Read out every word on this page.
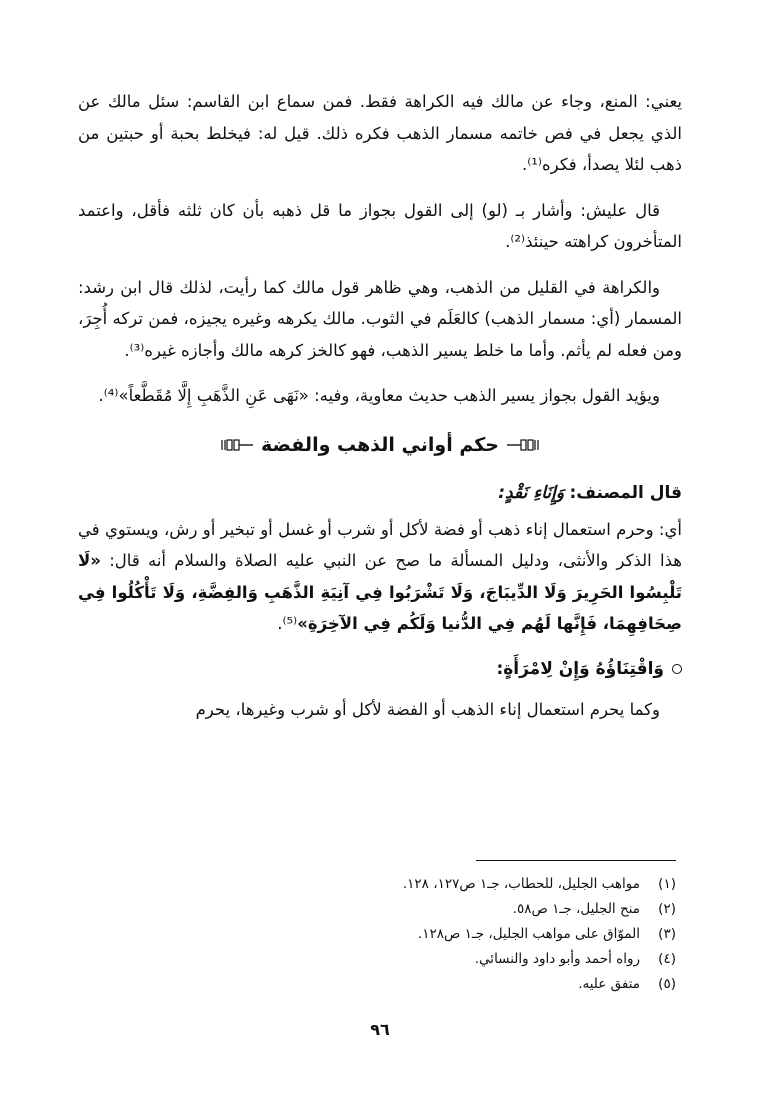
يعني: المنع، وجاء عن مالك فيه الكراهة فقط. فمن سماع ابن القاسم: سئل مالك عن الذي يجعل في فص خاتمه مسمار الذهب فكره ذلك. قيل له: فيخلط بحبة أو حبتين من ذهب لئلا يصدأ، فكره⁽¹⁾.

قال عليش: وأشار بـ (لو) إلى القول بجواز ما قل ذهبه بأن كان ثلثه فأقل، واعتمد المتأخرون كراهته حينئذ⁽²⁾.

والكراهة في القليل من الذهب، وهي ظاهر قول مالك كما رأيت، لذلك قال ابن رشد: المسمار (أي: مسمار الذهب) كالعَلَم في الثوب. مالك يكرهه وغيره يجيزه، فمن تركه أُجِرَ، ومن فعله لم يأثم. وأما ما خلط يسير الذهب، فهو كالخز كرهه مالك وأجازه غيره⁽³⁾.

ويؤيد القول بجواز يسير الذهب حديث معاوية، وفيه: «نَهَى عَنِ الذَّهَبِ إِلَّا مُقَطَّعاً»⁽⁴⁾.

حكم أواني الذهب والفضة

قال المصنف: وَإِنَاءِ نَقْدٍ:

أي: وحرم استعمال إناء ذهب أو فضة لأكل أو شرب أو غسل أو تبخير أو رش، ويستوي في هذا الذكر والأنثى، ودليل المسألة ما صح عن النبي عليه الصلاة والسلام أنه قال: «لَا تَلْبِسُوا الحَرِيرَ وَلَا الدِّيبَاجَ، وَلَا تَشْرَبُوا فِي آنِيَةِ الذَّهَبِ وَالفِضَّةِ، وَلَا تَأْكُلُوا فِي صِحَافِهِمَا، فَإِنَّها لَهُم فِي الدُّنيا وَلَكُم فِي الآخِرَةِ»⁽⁵⁾.

وَاقْتِنَاؤُهُ وَإِنْ لِامْرَأَةٍ:

وكما يحرم استعمال إناء الذهب أو الفضة لأكل أو شرب وغيرها، يحرم

(١)
مواهب الجليل، للحطاب، جـ١ ص١٢٧، ١٢٨.
(٢)
منح الجليل، جـ١ ص٥٨.
(٣)
الموّاق على مواهب الجليل، جـ١ ص١٢٨.
(٤)
رواه أحمد وأبو داود والنسائي.
(٥)
متفق عليه.
٩٦
